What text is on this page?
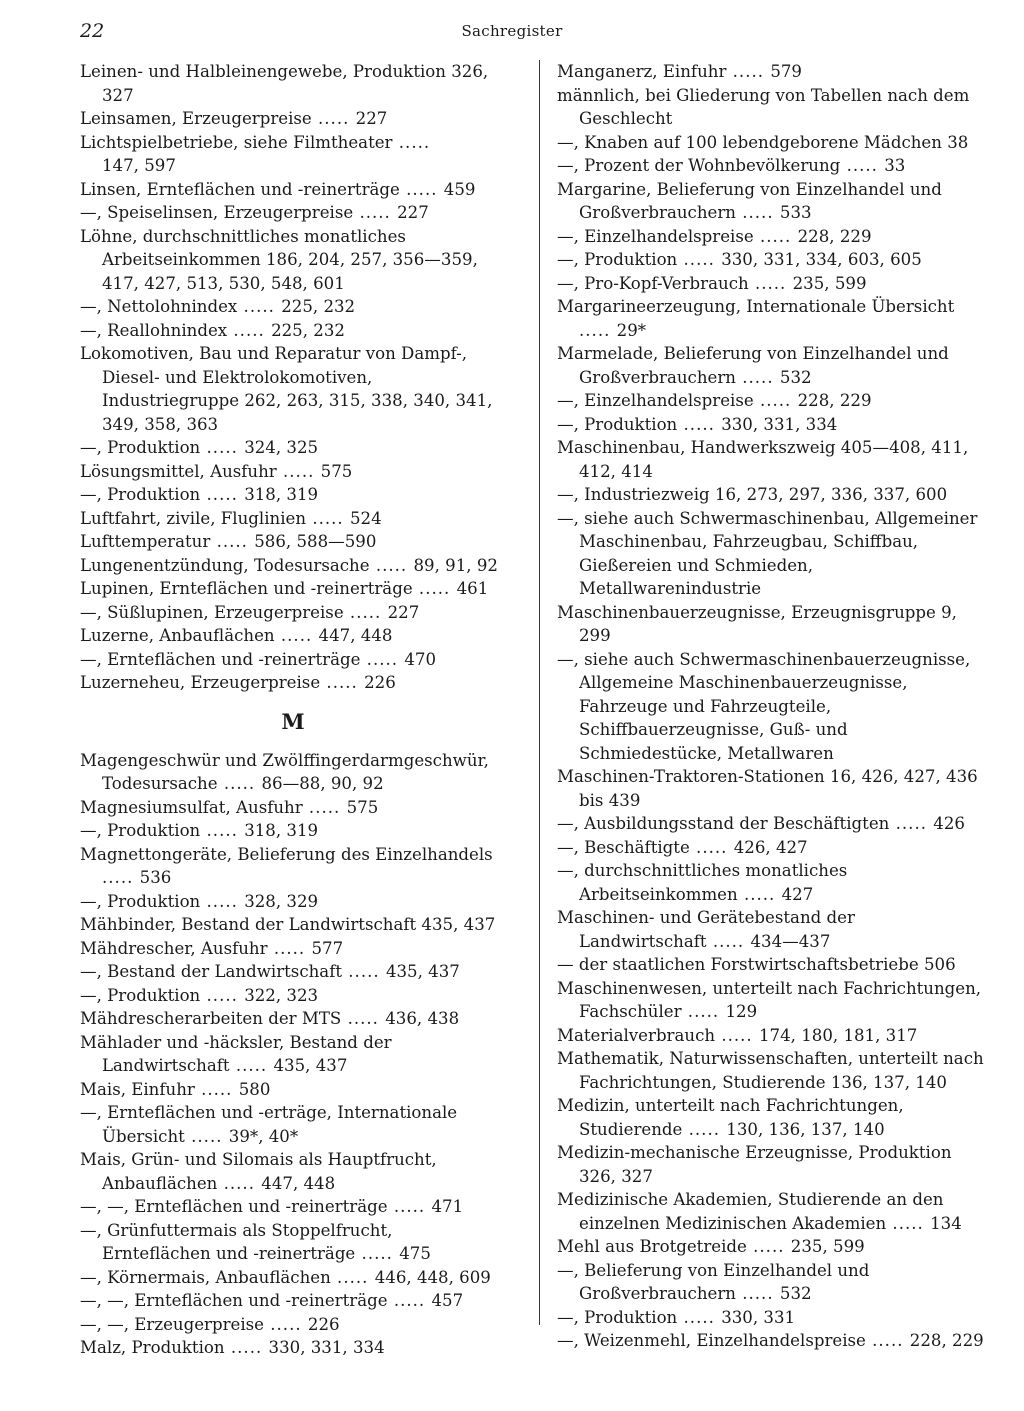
22	Sachregister
Leinen- und Halbleinengewebe, Produktion 326, 327
Leinsamen, Erzeugerpreise ..... 227
Lichtspielbetriebe, siehe Filmtheater ..... 147, 597
Linsen, Ernteflächen und -reinerträge ..... 459
—, Speiselinsen, Erzeugerpreise ..... 227
Löhne, durchschnittliches monatliches Arbeitseinkommen 186, 204, 257, 356—359, 417, 427, 513, 530, 548, 601
—, Nettolohnindex ..... 225, 232
—, Reallohnindex ..... 225, 232
Lokomotiven, Bau und Reparatur von Dampf-, Diesel- und Elektrolokomotiven, Industriegruppe 262, 263, 315, 338, 340, 341, 349, 358, 363
—, Produktion ..... 324, 325
Lösungsmittel, Ausfuhr ..... 575
—, Produktion ..... 318, 319
Luftfahrt, zivile, Fluglinien ..... 524
Lufttemperatur ..... 586, 588—590
Lungenentzündung, Todesursache ..... 89, 91, 92
Lupinen, Ernteflächen und -reinerträge ..... 461
—, Süßlupinen, Erzeugerpreise ..... 227
Luzerne, Anbauflächen ..... 447, 448
—, Ernteflächen und -reinerträge ..... 470
Luzerneheu, Erzeugerpreise ..... 226
M
Magengeschwür und Zwölffingerdarmgeschwür, Todesursache ..... 86—88, 90, 92
Magnesiumsulfat, Ausfuhr ..... 575
—, Produktion ..... 318, 319
Magnettongeräte, Belieferung des Einzelhandels ..... 536
—, Produktion ..... 328, 329
Mähbinder, Bestand der Landwirtschaft 435, 437
Mähdrescher, Ausfuhr ..... 577
—, Bestand der Landwirtschaft ..... 435, 437
—, Produktion ..... 322, 323
Mähdrescherarbeiten der MTS ..... 436, 438
Mählader und -häcksler, Bestand der Landwirtschaft ..... 435, 437
Mais, Einfuhr ..... 580
—, Ernteflächen und -erträge, Internationale Übersicht ..... 39*, 40*
Mais, Grün- und Silomais als Hauptfrucht, Anbauflächen ..... 447, 448
—, —, Ernteflächen und -reinerträge ..... 471
—, Grünfuttermais als Stoppelfrucht, Ernteflächen und -reinerträge ..... 475
—, Körnermais, Anbauflächen ..... 446, 448, 609
—, —, Ernteflächen und -reinerträge ..... 457
—, —, Erzeugerpreise ..... 226
Malz, Produktion ..... 330, 331, 334
Manganerz, Einfuhr ..... 579
männlich, bei Gliederung von Tabellen nach dem Geschlecht
—, Knaben auf 100 lebendgeborene Mädchen 38
—, Prozent der Wohnbevölkerung ..... 33
Margarine, Belieferung von Einzelhandel und Großverbrauchern ..... 533
—, Einzelhandelspreise ..... 228, 229
—, Produktion ..... 330, 331, 334, 603, 605
—, Pro-Kopf-Verbrauch ..... 235, 599
Margarineerzeugung, Internationale Übersicht ..... 29*
Marmelade, Belieferung von Einzelhandel und Großverbrauchern ..... 532
—, Einzelhandelspreise ..... 228, 229
—, Produktion ..... 330, 331, 334
Maschinenbau, Handwerkszweig 405—408, 411, 412, 414
—, Industriezweig 16, 273, 297, 336, 337, 600
—, siehe auch Schwermaschinenbau, Allgemeiner Maschinenbau, Fahrzeugbau, Schiffbau, Gießereien und Schmieden, Metallwarenindustrie
Maschinenbauerzeugnisse, Erzeugnisgruppe 9, 299
—, siehe auch Schwermaschinenbauerzeugnisse, Allgemeine Maschinenbauerzeugnisse, Fahrzeuge und Fahrzeugteile, Schiffbauerzeugnisse, Guß- und Schmiedestücke, Metallwaren
Maschinen-Traktoren-Stationen 16, 426, 427, 436 bis 439
—, Ausbildungsstand der Beschäftigten ..... 426
—, Beschäftigte ..... 426, 427
—, durchschnittliches monatliches Arbeitseinkommen ..... 427
Maschinen- und Gerätebestand der Landwirtschaft ..... 434—437
— der staatlichen Forstwirtschaftsbetriebe 506
Maschinenwesen, unterteilt nach Fachrichtungen, Fachschüler ..... 129
Materialverbrauch ..... 174, 180, 181, 317
Mathematik, Naturwissenschaften, unterteilt nach Fachrichtungen, Studierende 136, 137, 140
Medizin, unterteilt nach Fachrichtungen, Studierende ..... 130, 136, 137, 140
Medizin-mechanische Erzeugnisse, Produktion 326, 327
Medizinische Akademien, Studierende an den einzelnen Medizinischen Akademien ..... 134
Mehl aus Brotgetreide ..... 235, 599
—, Belieferung von Einzelhandel und Großverbrauchern ..... 532
—, Produktion ..... 330, 331
—, Weizenmehl, Einzelhandelspreise ..... 228, 229
